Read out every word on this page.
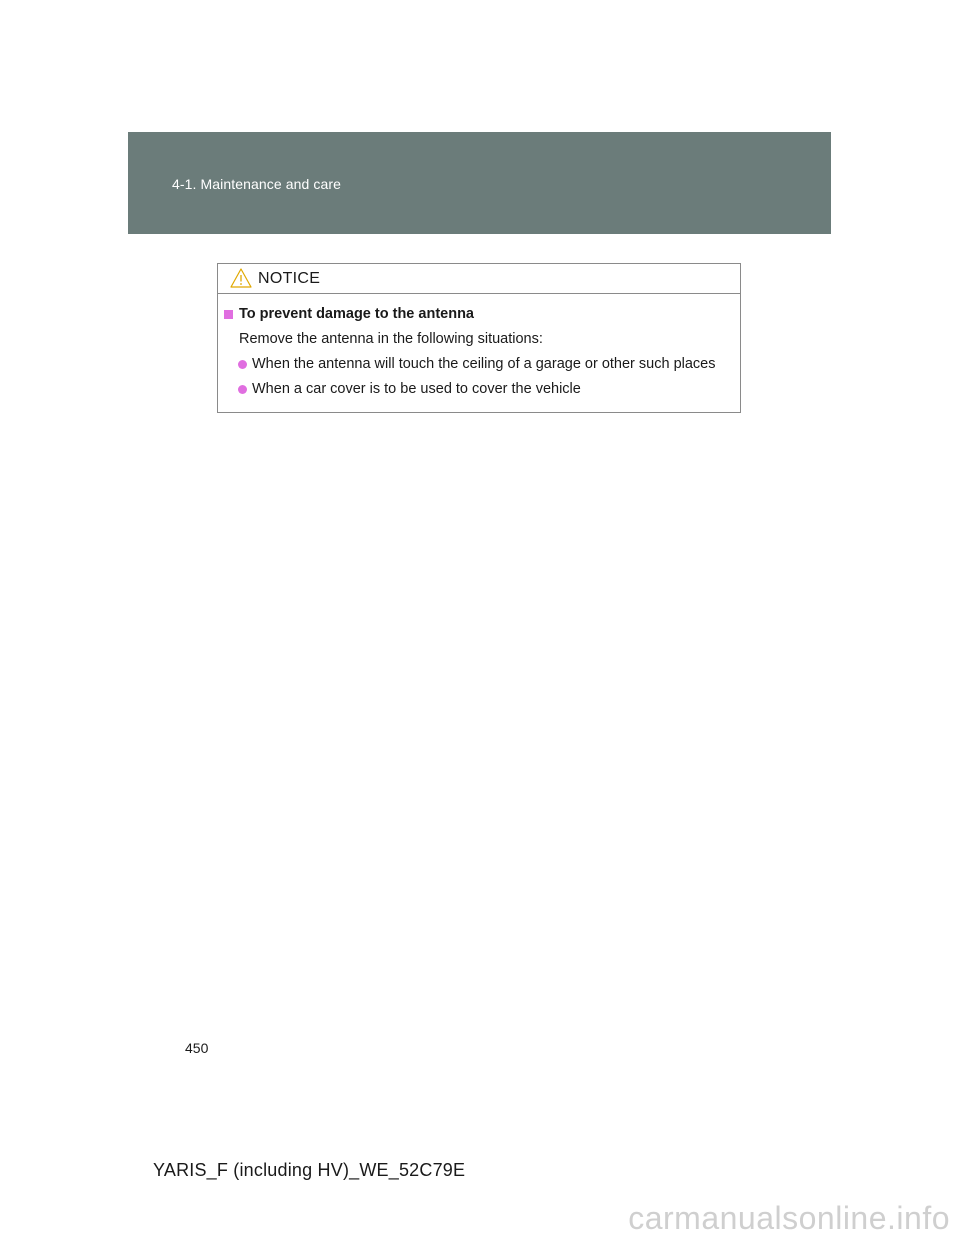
4-1. Maintenance and care
NOTICE
To prevent damage to the antenna
Remove the antenna in the following situations:
When the antenna will touch the ceiling of a garage or other such places
When a car cover is to be used to cover the vehicle
450
YARIS_F (including HV)_WE_52C79E
carmanualsonline.info
